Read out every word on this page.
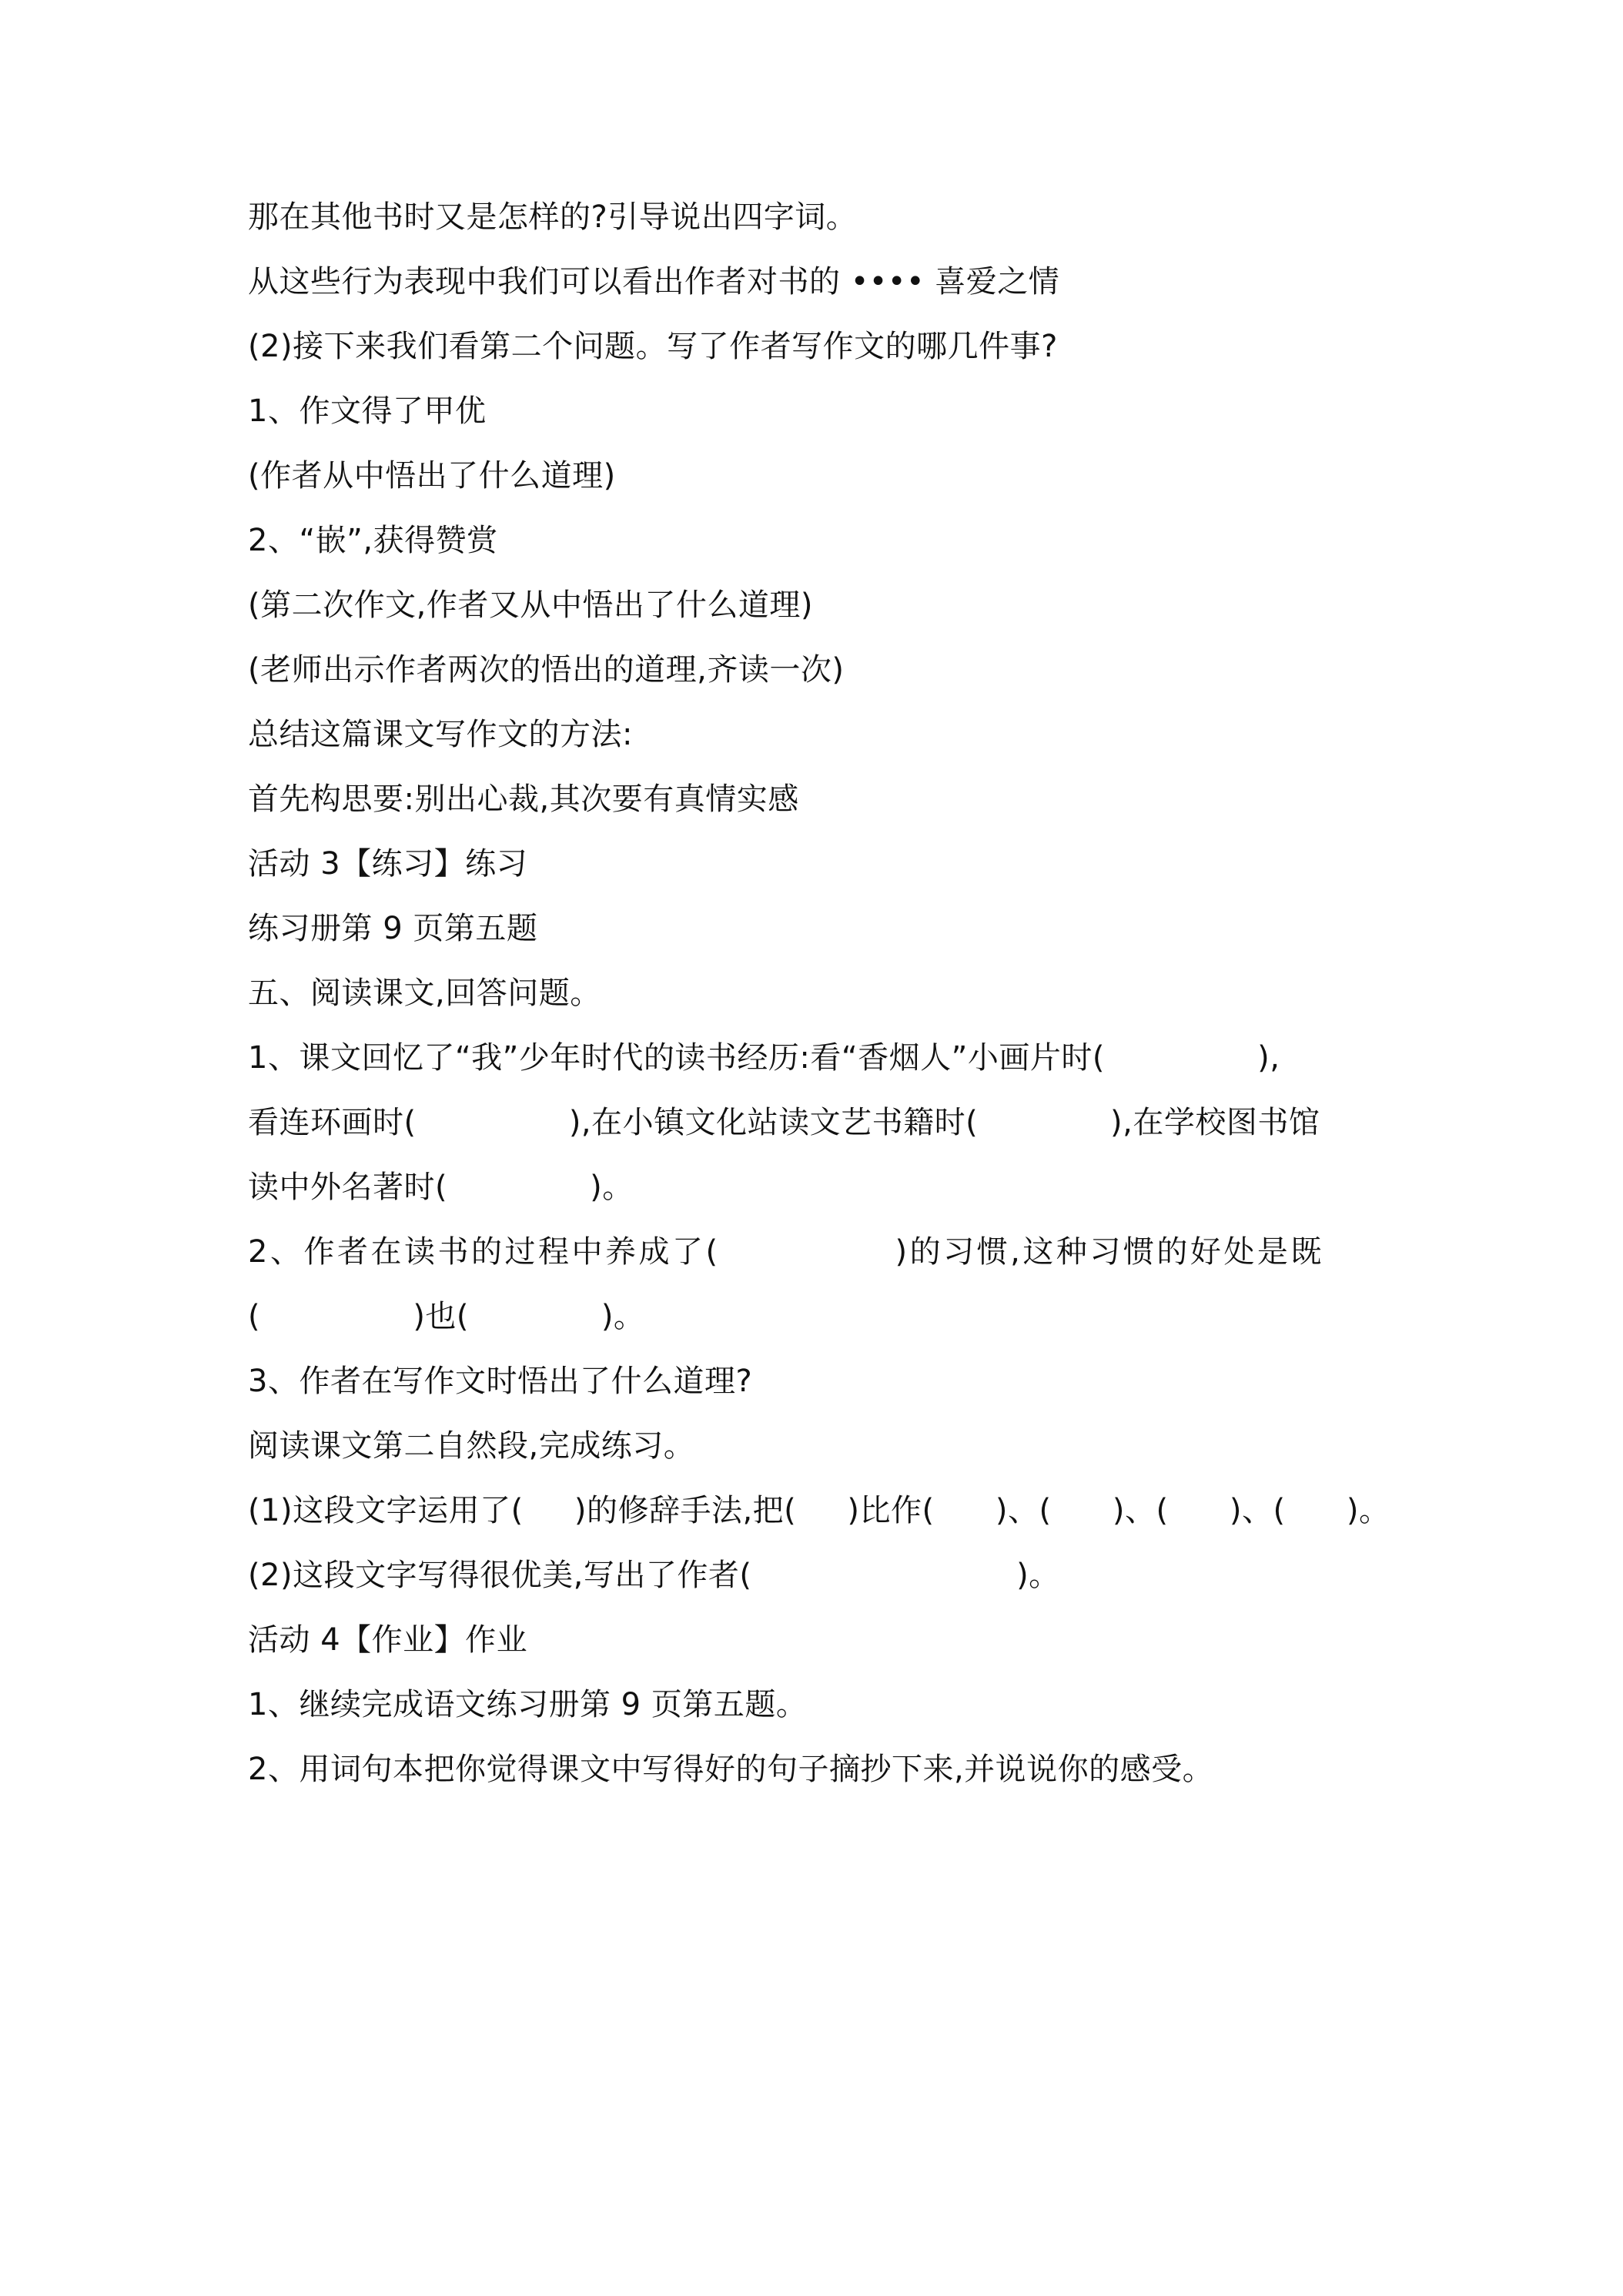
那在其他书时又是怎样的?引导说出四字词。
从这些行为表现中我们可以看出作者对书的 •••• 喜爱之情
(2)接下来我们看第二个问题。写了作者写作文的哪几件事?
1、作文得了甲优
(作者从中悟出了什么道理)
2、“嵌”,获得赞赏
(第二次作文,作者又从中悟出了什么道理)
(老师出示作者两次的悟出的道理,齐读一次)
总结这篇课文写作文的方法:
首先构思要:别出心裁,其次要有真情实感
活动 3【练习】练习
练习册第 9 页第五题
五、阅读课文,回答问题。
1、课文回忆了“我”少年时代的读书经历:看“香烟人”小画片时(               ),
看连环画时(               ),在小镇文化站读文艺书籍时(             ),在学校图书馆
读中外名著时(              )。
2、作者在读书的过程中养成了(              )的习惯,这种习惯的好处是既
(               )也(             )。
3、作者在写作文时悟出了什么道理?
阅读课文第二自然段,完成练习。
(1)这段文字运用了(     )的修辞手法,把(     )比作(      )、(      )、(      )、(      )。
(2)这段文字写得很优美,写出了作者(                          )。
活动 4【作业】作业
1、继续完成语文练习册第 9 页第五题。
2、用词句本把你觉得课文中写得好的句子摘抄下来,并说说你的感受。
